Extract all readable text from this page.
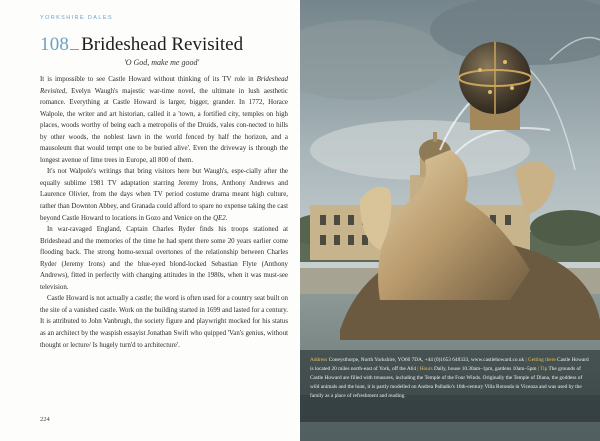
YORKSHIRE DALES
108 Brideshead Revisited
'O God, make me good'

It is impossible to see Castle Howard without thinking of its TV role in Brideshead Revisited, Evelyn Waugh's majestic war-time novel, the ultimate in lush aesthetic romance. Everything at Castle Howard is larger, bigger, grander. In 1772, Horace Walpole, the writer and art historian, called it a 'town, a fortified city, temples on high places, woods worthy of being each a metropolis of the Druids, vales con-nected to hills by other woods, the noblest lawn in the world fenced by half the horizon, and a mausoleum that would tempt one to be buried alive'. Even the driveway is through the longest avenue of lime trees in Europe, all 800 of them.

It's not Walpole's writings that bring visitors here but Waugh's, espe-cially after the equally sublime 1981 TV adaptation starring Jeremy Irons, Anthony Andrews and Laurence Olivier, from the days when TV period costume drama meant high culture, rather than Downton Abbey, and Granada could afford to spare no expense taking the cast beyond Castle Howard to locations in Gozo and Venice on the QE2.

In war-ravaged England, Captain Charles Ryder finds his troops stationed at Brideshead and the memories of the time he had spent there some 20 years earlier come flooding back. The strong homo-sexual overtones of the relationship between Charles Ryder (Jeremy Irons) and the blue-eyed blond-locked Sebastian Flyte (Anthony Andrews), fitted in perfectly with changing attitudes in the 1980s, when it was must-see television.

Castle Howard is not actually a castle; the word is often used for a country seat built on the site of a vanished castle. Work on the building started in 1699 and lasted for a century. It is attributed to John Vanbrugh, the society figure and playwright mocked for his status as an architect by the waspish essayist Jonathan Swift who quipped 'Van's genius, without thought or lecture/ Is hugely turn'd to architecture'.

224
Address Coneysthorpe, North Yorkshire, YO60 7DA, +44 (0)1653 648333, www.castlehoward.co.uk | Getting there Castle Howard is located 20 miles north-east of York, off the A64 | Hours Daily, house 10.30am–1pm, gardens 10am–5pm | Tip The grounds of Castle Howard are filled with treasures, including the Temple of the Four Winds. Originally the Temple of Diana, the goddess of wild animals and the hunt, it is partly modelled on Andrea Palladio's 16th-century Villa Rotonda in Vicenza and was used by the family as a place of refreshment and reading.
